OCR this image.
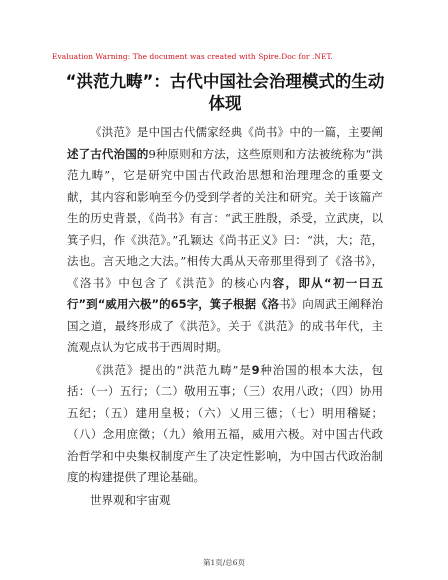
Evaluation Warning: The document was created with Spire.Doc for .NET.
“洪范九畴”：古代中国社会治理模式的生动体现

《洪范》是中国古代儒家经典《尚书》中的一篇，主要阐述了古代治国的9种原则和方法，这些原则和方法被统称为“洪范九畴”，它是研究中国古代政治思想和治理理念的重要文献，其内容和影响至今仍受到学者的关注和研究。关于该篇产生的历史背景，《尚书》有言：“武王胜殷，杀受，立武庚，以箕子归，作《洪范》。”孔颖达《尚书正义》曰：“洪，大；范，法也。言天地之大法。”相传大禹从天帝那里得到了《洛书》，《洛书》中包含了《洪范》的核心内容，即从“初一曰五行”到“威用六极”的65字，箕子根据《洛书》向周武王阐释治国之道，最终形成了《洪范》。关于《洪范》的成书年代，主流观点认为它成书于西周时期。

《洪范》提出的“洪范九畴”是9种治国的根本大法，包括：（一）五行；（二）敬用五事；（三）农用八政；（四）协用五纪；（五）建用皇极；（六）乂用三德；（七）明用稽疑；（八）念用庶徵；（九）飨用五福，威用六极。对中国古代政治哲学和中央集权制度产生了决定性影响，为中国古代政治制度的构建提供了理论基础。

世界观和宇宙观

第1页/总6页
